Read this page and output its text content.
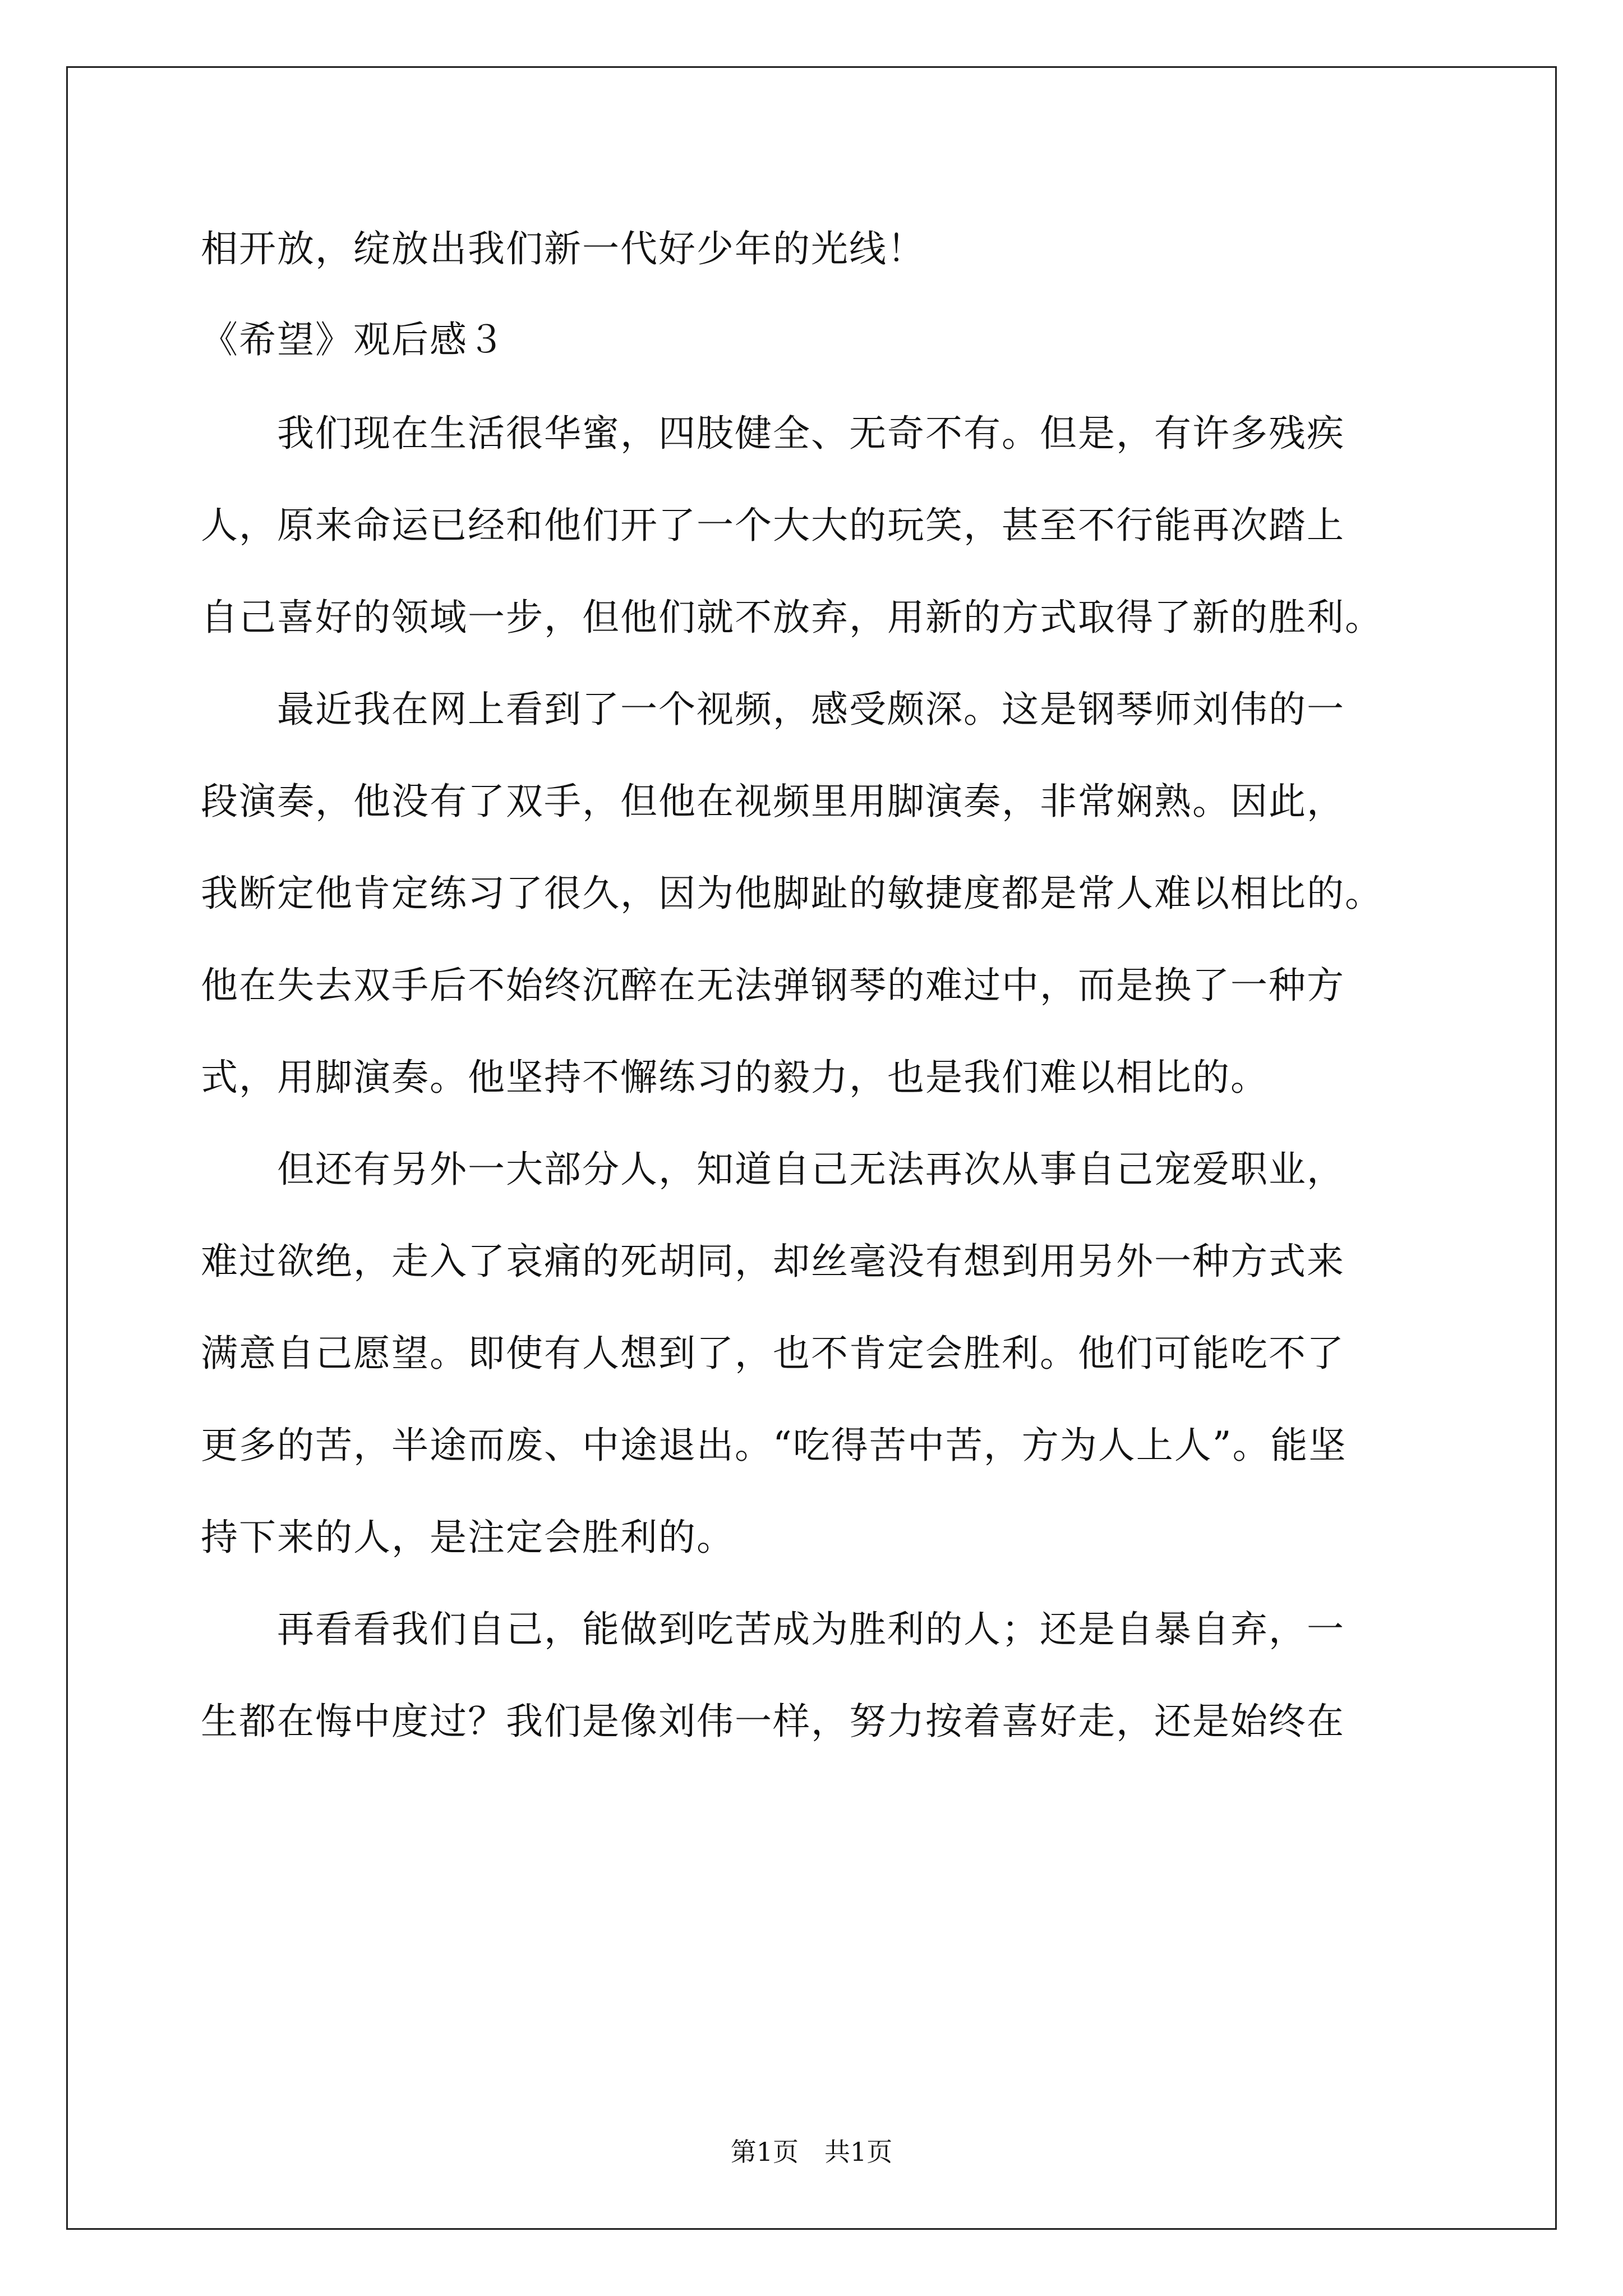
相开放，绽放出我们新一代好少年的光线！
《希望》观后感３
　　我们现在生活很华蜜，四肢健全、无奇不有。但是，有许多残疾
人，原来命运已经和他们开了一个大大的玩笑，甚至不行能再次踏上
自己喜好的领域一步，但他们就不放弃，用新的方式取得了新的胜利。
　　最近我在网上看到了一个视频，感受颇深。这是钢琴师刘伟的一
段演奏，他没有了双手，但他在视频里用脚演奏，非常娴熟。因此，
我断定他肯定练习了很久，因为他脚趾的敏捷度都是常人难以相比的。
他在失去双手后不始终沉醉在无法弹钢琴的难过中，而是换了一种方
式，用脚演奏。他坚持不懈练习的毅力，也是我们难以相比的。
　　但还有另外一大部分人，知道自己无法再次从事自己宠爱职业，
难过欲绝，走入了哀痛的死胡同，却丝毫没有想到用另外一种方式来
满意自己愿望。即使有人想到了，也不肯定会胜利。他们可能吃不了
更多的苦，半途而废、中途退出。“吃得苦中苦，方为人上人”。能坚
持下来的人，是注定会胜利的。
　　再看看我们自己，能做到吃苦成为胜利的人；还是自暴自弃，一
生都在悔中度过？我们是像刘伟一样，努力按着喜好走，还是始终在
第1页　共1页
